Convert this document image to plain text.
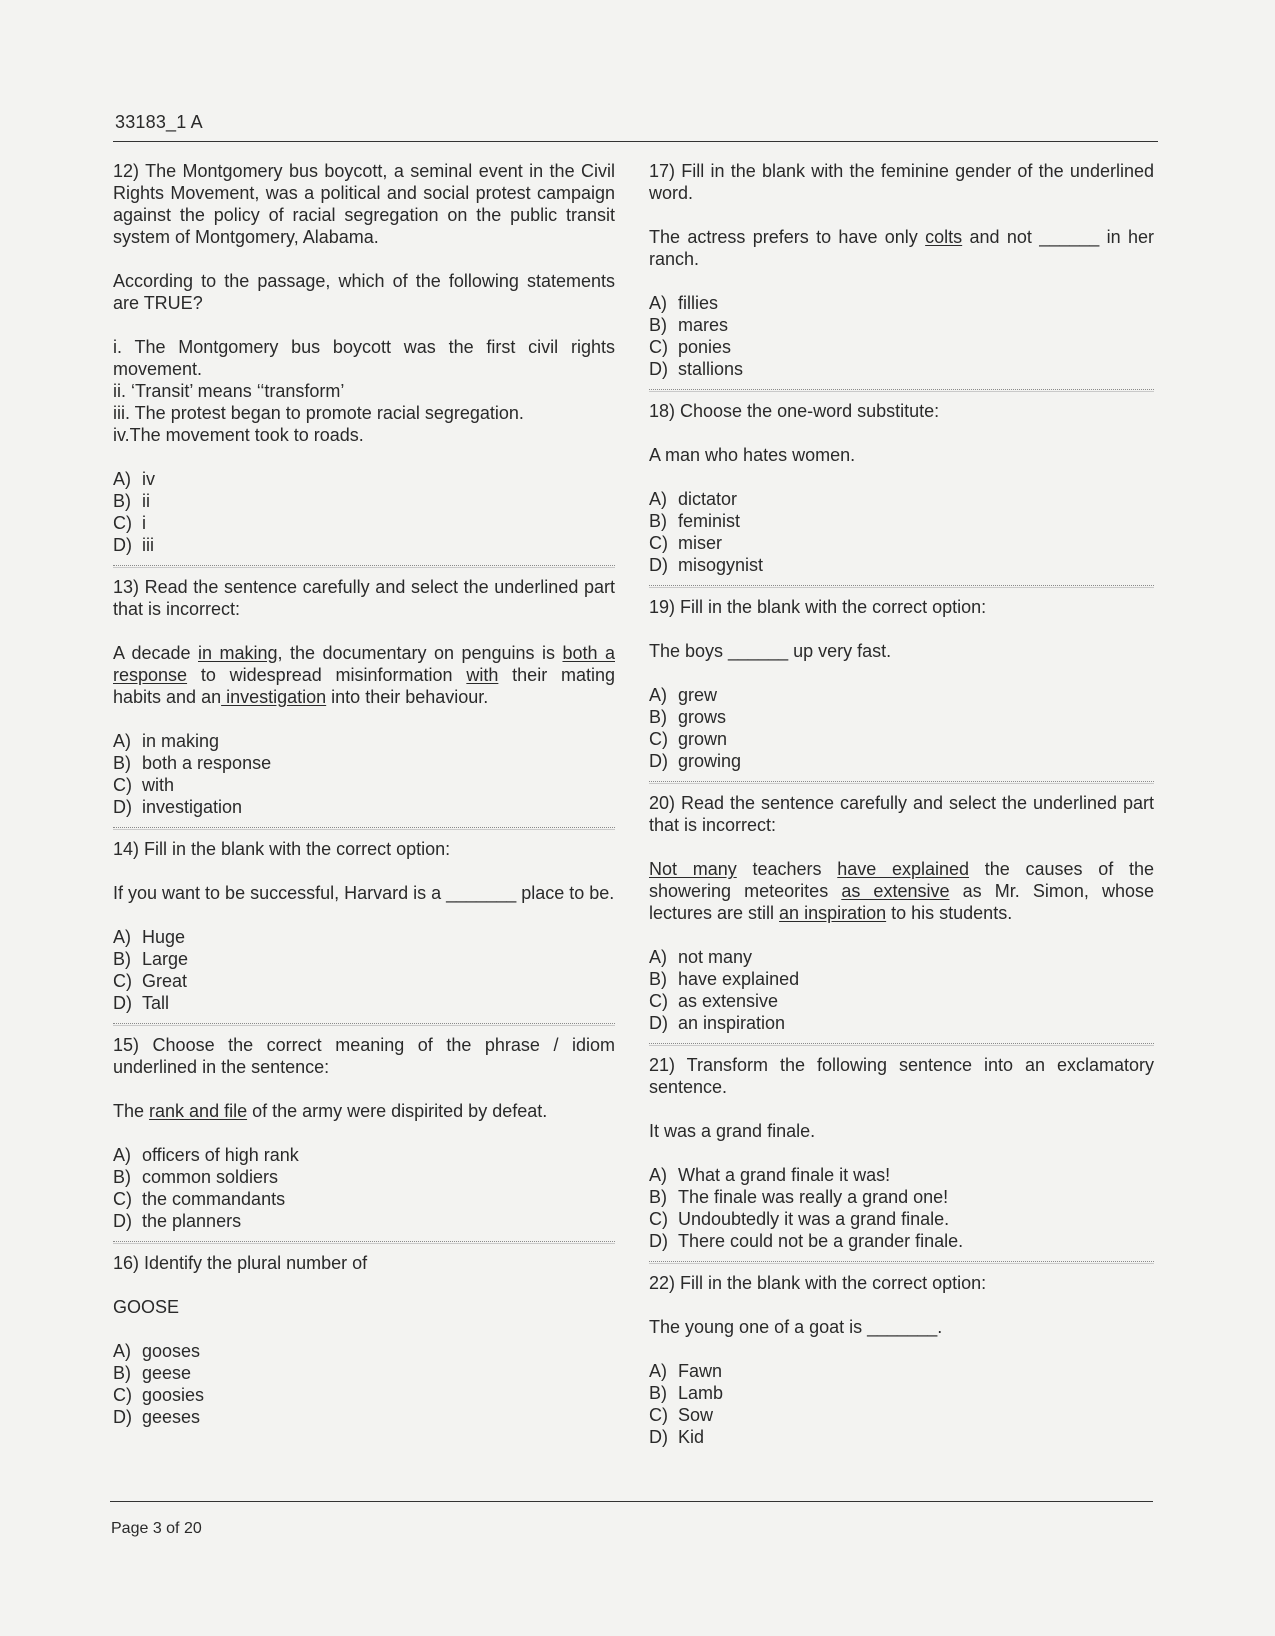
33183_1 A

12) The Montgomery bus boycott, a seminal event in the Civil Rights Movement, was a political and social protest campaign against the policy of racial segregation on the public transit system of Montgomery, Alabama.

According to the passage, which of the following statements are TRUE?

i. The Montgomery bus boycott was the first civil rights movement.

ii. ‘Transit’ means ‘‘transform’

iii. The protest began to promote racial segregation.

iv.The movement took to roads.

A) iv
B) ii
C) i
D) iii

13) Read the sentence carefully and select the underlined part that is incorrect:

A decade in making, the documentary on penguins is both a response to widespread misinformation with their mating habits and an investigation into their behaviour.

A) in making
B) both a response
C) with
D) investigation

14) Fill in the blank with the correct option:

If you want to be successful, Harvard is a _______ place to be.

A) Huge
B) Large
C) Great
D) Tall

15) Choose the correct meaning of the phrase / idiom underlined in the sentence:

The rank and file of the army were dispirited by defeat.

A) officers of high rank
B) common soldiers
C) the commandants
D) the planners

16) Identify the plural number of

GOOSE

A) gooses
B) geese
C) goosies
D) geeses

17) Fill in the blank with the feminine gender of the underlined word.

The actress prefers to have only colts and not ______ in her ranch.

A) fillies
B) mares
C) ponies
D) stallions

18) Choose the one-word substitute:

A man who hates women.

A) dictator
B) feminist
C) miser
D) misogynist

19) Fill in the blank with the correct option:

The boys ______ up very fast.

A) grew
B) grows
C) grown
D) growing

20) Read the sentence carefully and select the underlined part that is incorrect:

Not many teachers have explained the causes of the showering meteorites as extensive as Mr. Simon, whose lectures are still an inspiration to his students.

A) not many
B) have explained
C) as extensive
D) an inspiration

21) Transform the following sentence into an exclamatory sentence.

It was a grand finale.

A) What a grand finale it was!
B) The finale was really a grand one!
C) Undoubtedly it was a grand finale.
D) There could not be a grander finale.

22) Fill in the blank with the correct option:

The young one of a goat is _______.

A) Fawn
B) Lamb
C) Sow
D) Kid
Page 3 of 20
